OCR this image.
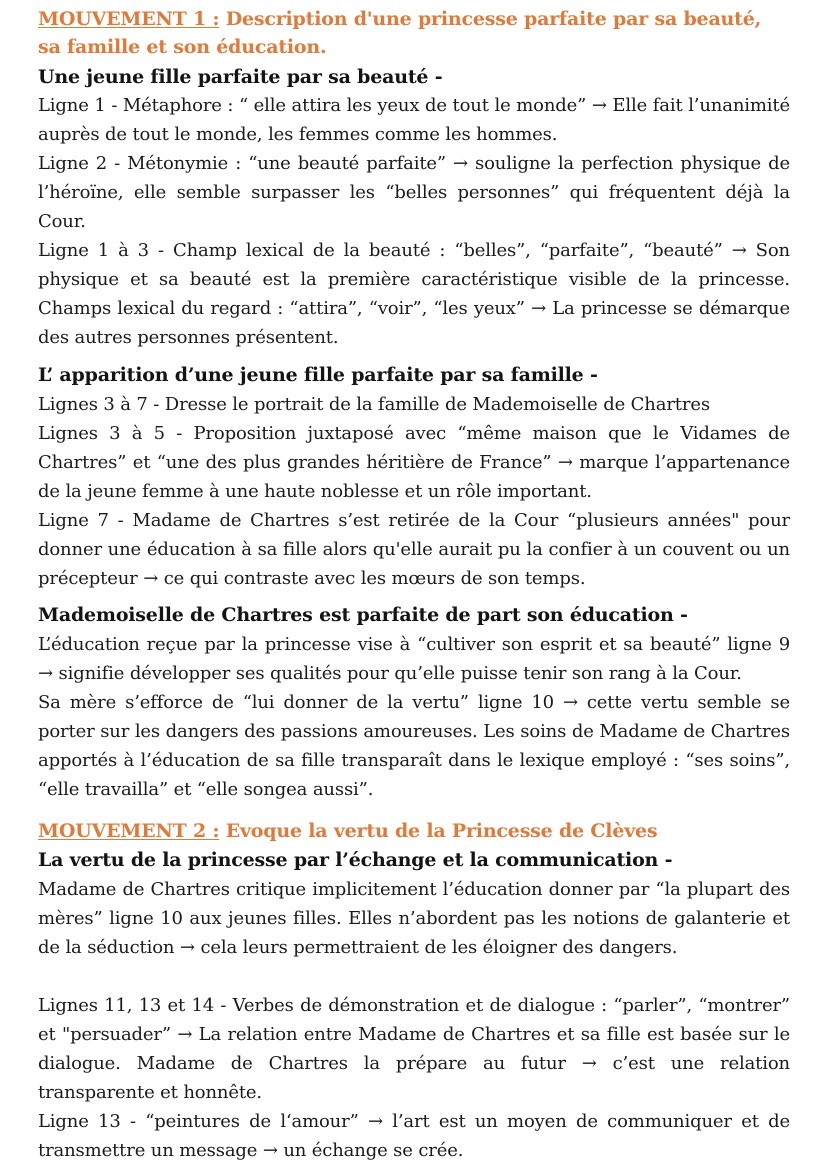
MOUVEMENT 1 : Description d'une princesse parfaite par sa beauté, sa famille et son éducation.

Une jeune fille parfaite par sa beauté -

Ligne 1 - Métaphore : “ elle attira les yeux de tout le monde” → Elle fait l’unanimité auprès de tout le monde, les femmes comme les hommes.

Ligne 2 - Métonymie : “une beauté parfaite” → souligne la perfection physique de l’héroïne, elle semble surpasser les “belles personnes” qui fréquentent déjà la Cour.

Ligne 1 à 3 - Champ lexical de la beauté : “belles”, “parfaite”, “beauté” → Son physique et sa beauté est la première caractéristique visible de la princesse. Champs lexical du regard : “attira”, “voir”, “les yeux” → La princesse se démarque des autres personnes présentent.

L’ apparition d’une jeune fille parfaite par sa famille -

Lignes 3 à 7 - Dresse le portrait de la famille de Mademoiselle de Chartres

Lignes 3 à 5 - Proposition juxtaposé avec “même maison que le Vidames de Chartres” et “une des plus grandes héritière de France” → marque l’appartenance de la jeune femme à une haute noblesse et un rôle important.

Ligne 7 - Madame de Chartres s’est retirée de la Cour “plusieurs années" pour donner une éducation à sa fille alors qu'elle aurait pu la confier à un couvent ou un précepteur → ce qui contraste avec les mœurs de son temps.

Mademoiselle de Chartres est parfaite de part son éducation -

L’éducation reçue par la princesse vise à “cultiver son esprit et sa beauté” ligne 9 → signifie développer ses qualités pour qu’elle puisse tenir son rang à la Cour.

Sa mère s’efforce de “lui donner de la vertu” ligne 10 → cette vertu semble se porter sur les dangers des passions amoureuses. Les soins de Madame de Chartres apportés à l’éducation de sa fille transparaît dans le lexique employé : “ses soins”, “elle travailla” et “elle songea aussi”.

MOUVEMENT 2 : Evoque la vertu de la Princesse de Clèves

La vertu de la princesse par l’échange et la communication -

Madame de Chartres critique implicitement l’éducation donner par “la plupart des mères” ligne 10 aux jeunes filles. Elles n’abordent pas les notions de galanterie et de la séduction → cela leurs permettraient de les éloigner des dangers.

Lignes 11, 13 et 14 - Verbes de démonstration et de dialogue : “parler”, “montrer” et "persuader” → La relation entre Madame de Chartres et sa fille est basée sur le dialogue. Madame de Chartres la prépare au futur → c’est une relation transparente et honnête.

Ligne 13 - “peintures de l‘amour” → l’art est un moyen de communiquer et de transmettre un message → un échange se crée.
